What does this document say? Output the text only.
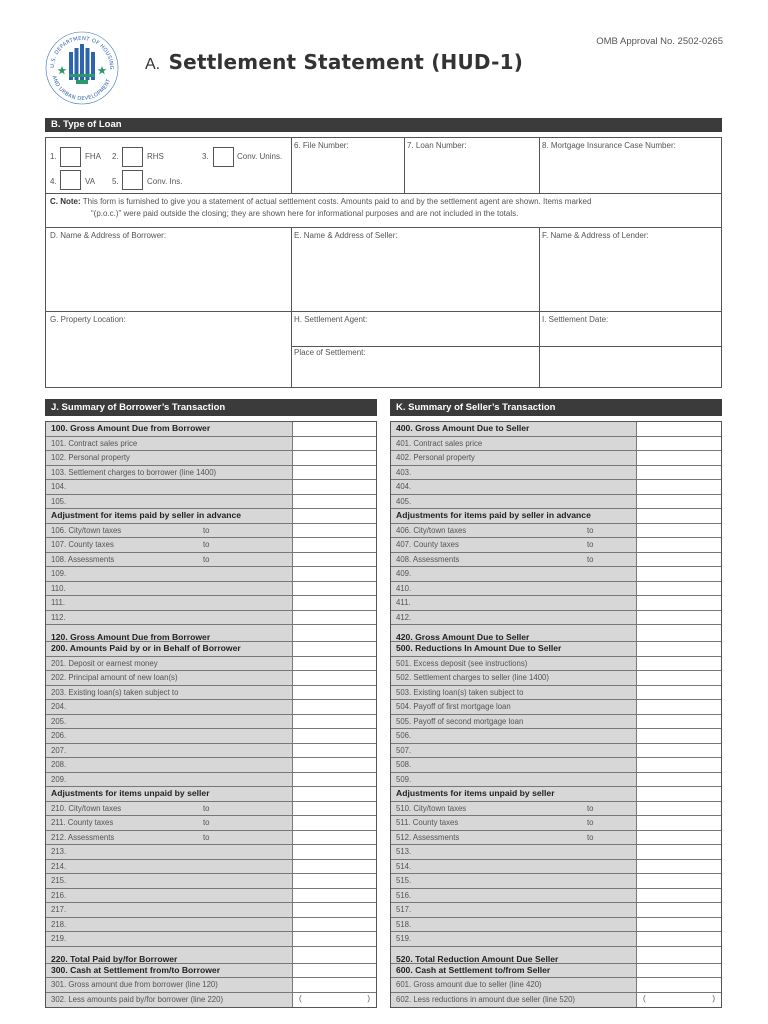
U.S. DEPARTMENT OF HOUSING
AND URBAN DEVELOPMENT
A. Settlement Statement (HUD-1)
OMB Approval No. 2502-0265
B. Type of Loan
1.	FHA 2.	RHS	3.	Conv. Unins.
4.	VA 5.	Conv. Ins.
6. File Number:	7. Loan Number:	8. Mortgage Insurance Case Number:
C. Note: This form is furnished to give you a statement of actual settlement costs. Amounts paid to and by the settlement agent are shown. Items marked
“(p.o.c.)” were paid outside the closing; they are shown here for informational purposes and are not included in the totals.
D. Name & Address of Borrower:	E. Name & Address of Seller:	F. Name & Address of Lender:
G. Property Location:	H. Settlement Agent:	I. Settlement Date:
Place of Settlement:
J. Summary of Borrower’s Transaction	K. Summary of Seller’s Transaction
100. Gross Amount Due from Borrower
101. Contract sales price
102. Personal property
103. Settlement charges to borrower (line 1400)
104.
105.
Adjustment for items paid by seller in advance
106. City/town taxes	to
107. County taxes	to
108. Assessments	to
109.
110.
111.
112.
120. Gross Amount Due from Borrower
200. Amounts Paid by or in Behalf of Borrower
201. Deposit or earnest money
202. Principal amount of new loan(s)
203. Existing loan(s) taken subject to
204.
205.
206.
207.
208.
209.
Adjustments for items unpaid by seller
210. City/town taxes	to
211. County taxes	to
212. Assessments	to
213.
214.
215.
216.
217.
218.
219.
220. Total Paid by/for Borrower
300. Cash at Settlement from/to Borrower
301. Gross amount due from borrower (line 120)
302. Less amounts paid by/for borrower (line 220)	(	)
400. Gross Amount Due to Seller
401. Contract sales price
402. Personal property
403.
404.
405.
Adjustments for items paid by seller in advance
406. City/town taxes	to
407. County taxes	to
408. Assessments	to
409.
410.
411.
412.
420. Gross Amount Due to Seller
500. Reductions In Amount Due to Seller
501. Excess deposit (see instructions)
502. Settlement charges to seller (line 1400)
503. Existing loan(s) taken subject to
504. Payoff of first mortgage loan
505. Payoff of second mortgage loan
506.
507.
508.
509.
Adjustments for items unpaid by seller
510. City/town taxes	to
511. County taxes	to
512. Assessments	to
513.
514.
515.
516.
517.
518.
519.
520. Total Reduction Amount Due Seller
600. Cash at Settlement to/from Seller
601. Gross amount due to seller (line 420)
602. Less reductions in amount due seller (line 520)	(	)
